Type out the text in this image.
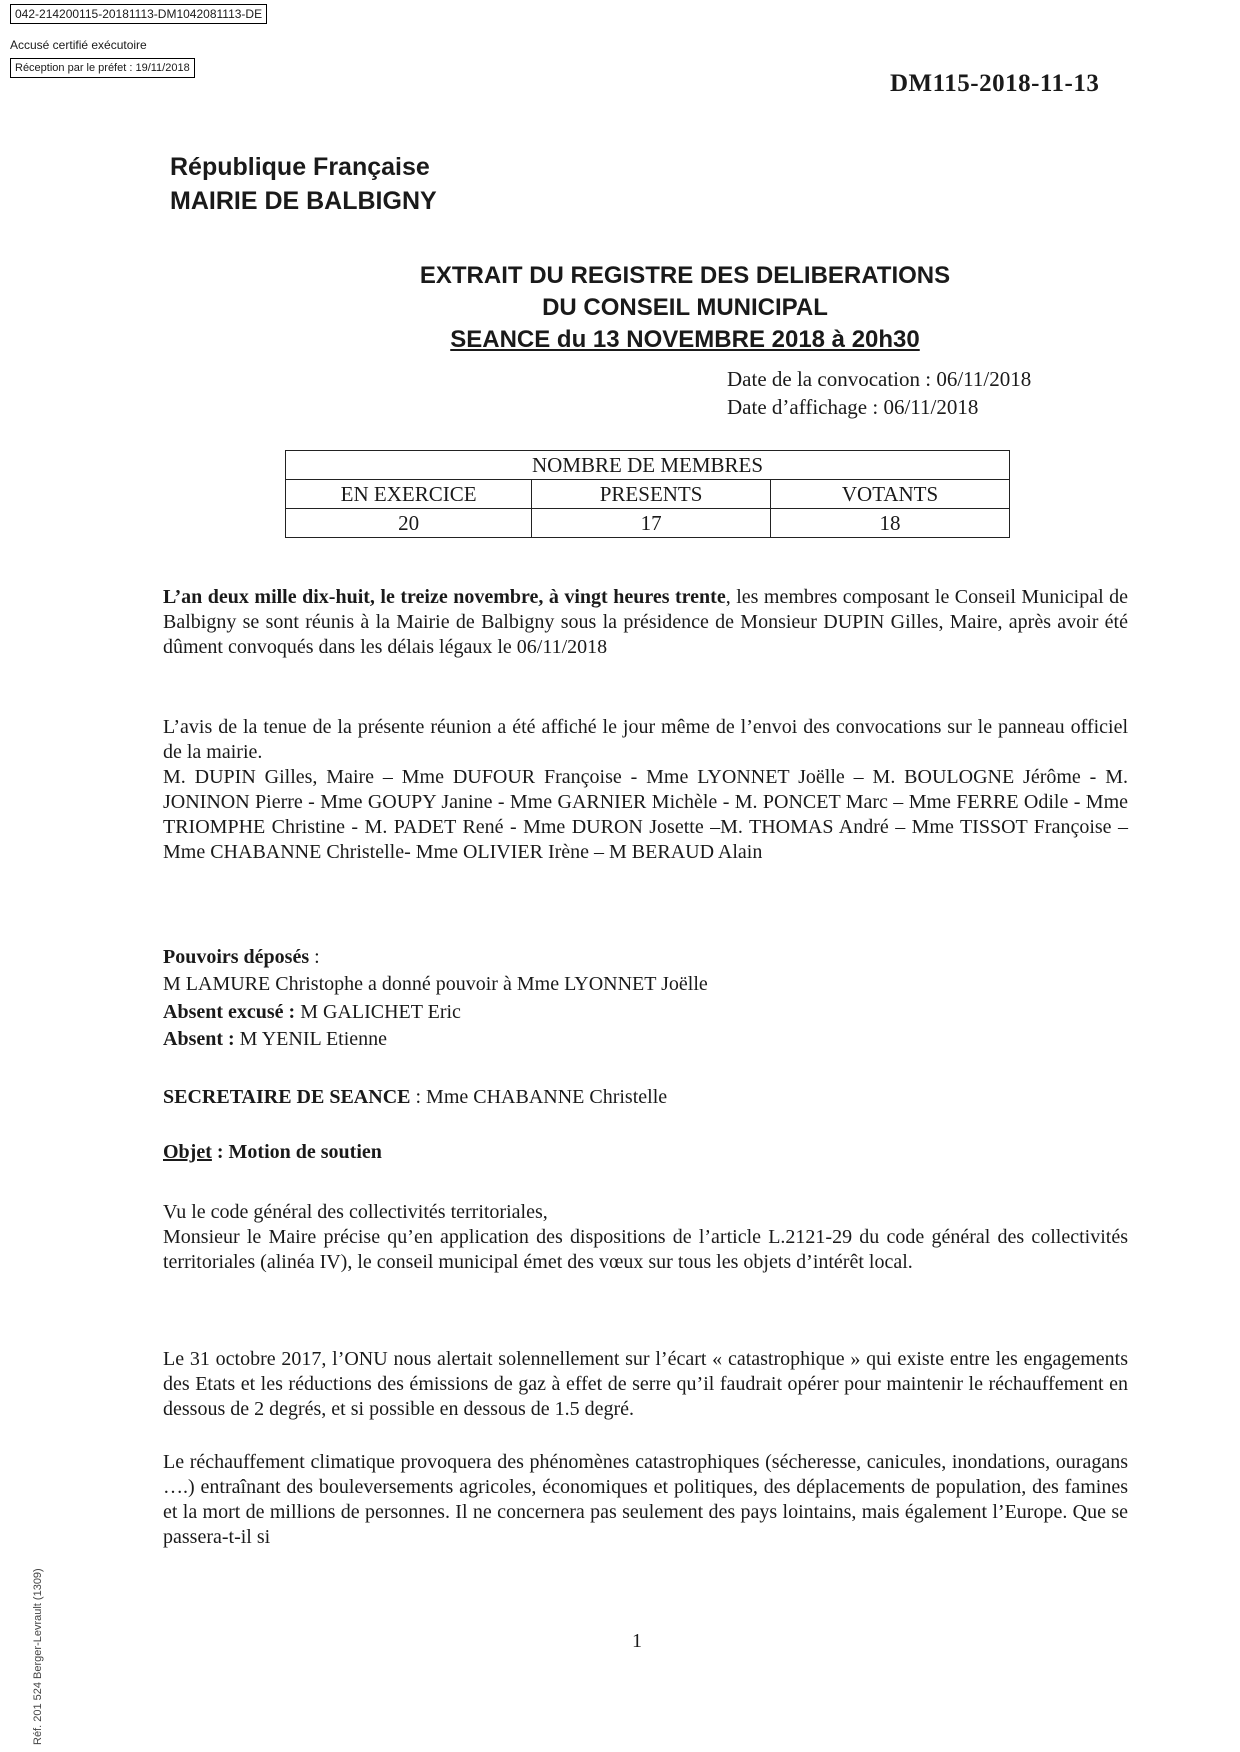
042-214200115-20181113-DM1042081113-DE
Accusé certifié exécutoire
Réception par le préfet : 19/11/2018
DM115-2018-11-13
République Française
MAIRIE DE BALBIGNY
EXTRAIT DU REGISTRE DES DELIBERATIONS
DU CONSEIL MUNICIPAL
SEANCE du 13 NOVEMBRE 2018 à 20h30
Date de la convocation : 06/11/2018
Date d’affichage : 06/11/2018
NOMBRE DE MEMBRES		
EN EXERCICE	PRESENTS	VOTANTS
20	17	18
L’an deux mille dix-huit, le treize novembre, à vingt heures trente, les membres composant le Conseil Municipal de Balbigny se sont réunis à la Mairie de Balbigny sous la présidence de Monsieur DUPIN Gilles, Maire, après avoir été dûment convoqués dans les délais légaux le 06/11/2018
L’avis de la tenue de la présente réunion a été affiché le jour même de l’envoi des convocations sur le panneau officiel de la mairie.
M. DUPIN Gilles, Maire – Mme DUFOUR Françoise - Mme LYONNET Joëlle – M. BOULOGNE Jérôme - M. JONINON Pierre - Mme GOUPY Janine - Mme GARNIER Michèle - M. PONCET Marc – Mme FERRE Odile - Mme TRIOMPHE Christine - M. PADET René - Mme DURON Josette –M. THOMAS André – Mme TISSOT Françoise –Mme CHABANNE Christelle- Mme OLIVIER Irène – M BERAUD Alain
Pouvoirs déposés :
M LAMURE Christophe a donné pouvoir à Mme LYONNET Joëlle
Absent excusé : M GALICHET Eric
Absent : M YENIL Etienne
SECRETAIRE DE SEANCE : Mme CHABANNE Christelle
Objet : Motion de soutien
Vu le code général des collectivités territoriales,
Monsieur le Maire précise qu’en application des dispositions de l’article L.2121-29 du code général des collectivités territoriales (alinéa IV), le conseil municipal émet des vœux sur tous les objets d’intérêt local.
Le 31 octobre 2017, l’ONU nous alertait solennellement sur l’écart « catastrophique » qui existe entre les engagements des Etats et les réductions des émissions de gaz à effet de serre qu’il faudrait opérer pour maintenir le réchauffement en dessous de 2 degrés, et si possible en dessous de 1.5 degré.
Le réchauffement climatique provoquera des phénomènes catastrophiques (sécheresse, canicules, inondations, ouragans ….) entraînant des bouleversements agricoles, économiques et politiques, des déplacements de population, des famines et la mort de millions de personnes. Il ne concernera pas seulement des pays lointains, mais également l’Europe. Que se passera-t-il si
1
Réf. 201 524 Berger-Levrault (1309)
